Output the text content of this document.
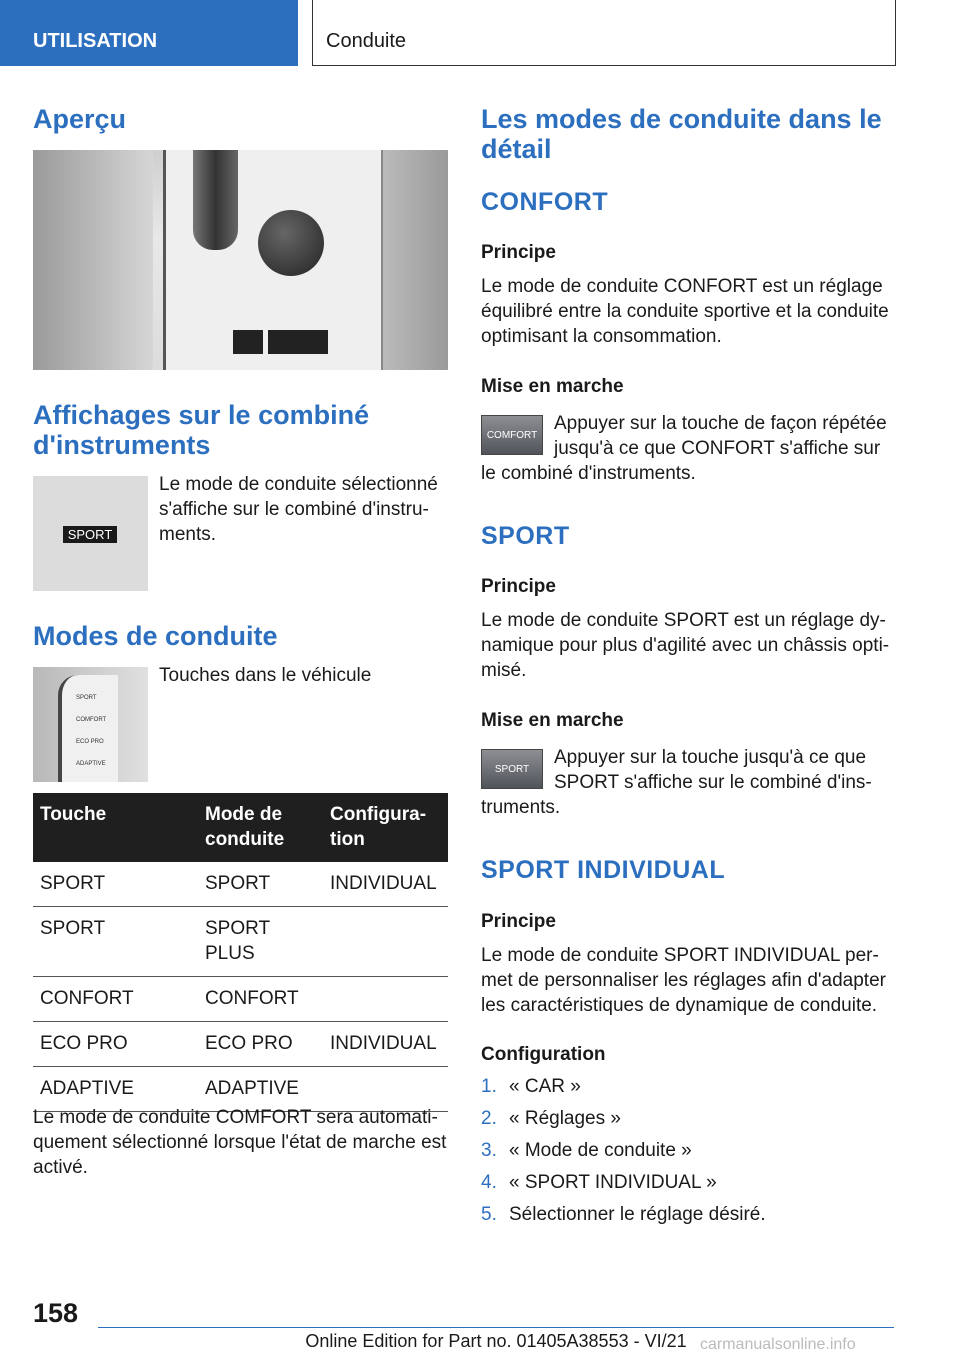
UTILISATION	Conduite
Aperçu
Affichages sur le combiné d'instruments
SPORT
Le mode de conduite sélectionné s'affiche sur le combiné d'instru-ments.
Modes de conduite
SPORT
COMFORT
ECO PRO
ADAPTIVE
Touches dans le véhicule
Touche	Mode de conduite	Configura-tion
SPORT	SPORT	INDIVIDUAL
SPORT	SPORT PLUS	
CONFORT	CONFORT	
ECO PRO	ECO PRO	INDIVIDUAL
ADAPTIVE	ADAPTIVE	
Le mode de conduite COMFORT sera automati-quement sélectionné lorsque l'état de marche est activé.
Les modes de conduite dans le détail
CONFORT
Principe
Le mode de conduite CONFORT est un réglage équilibré entre la conduite sportive et la conduite optimisant la consommation.
Mise en marche
COMFORT
Appuyer sur la touche de façon répétée jusqu'à ce que CONFORT s'affiche sur
le combiné d'instruments.
SPORT
Principe
Le mode de conduite SPORT est un réglage dy-namique pour plus d'agilité avec un châssis opti-misé.
Mise en marche
SPORT
Appuyer sur la touche jusqu'à ce que SPORT s'affiche sur le combiné d'ins-
truments.
SPORT INDIVIDUAL
Principe
Le mode de conduite SPORT INDIVIDUAL per-met de personnaliser les réglages afin d'adapter les caractéristiques de dynamique de conduite.
Configuration
1. « CAR »
2. « Réglages »
3. « Mode de conduite »
4. « SPORT INDIVIDUAL »
5. Sélectionner le réglage désiré.
158
Online Edition for Part no. 01405A38553 - VI/21 carmanualsonline.info
